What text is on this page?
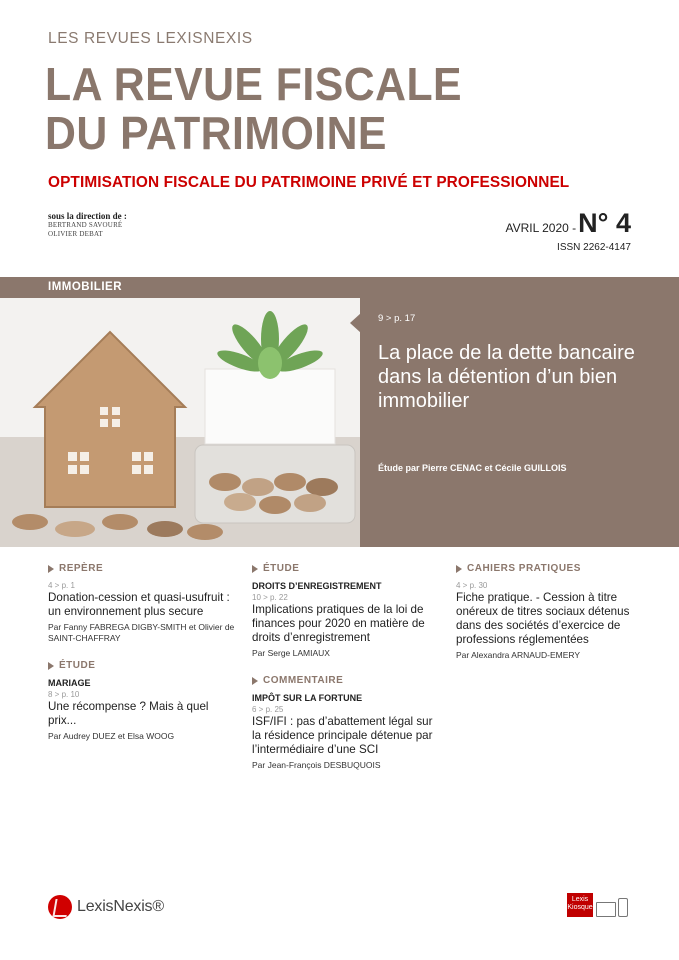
LES REVUES LEXISNEXIS
LA REVUE FISCALE
DU PATRIMOINE
OPTIMISATION FISCALE DU PATRIMOINE PRIVÉ ET PROFESSIONNEL
sous la direction de :
BERTRAND SAVOURÉ
OLIVIER DEBAT	AVRIL 2020 - N° 4
ISSN 2262-4147
IMMOBILIER
9 > p. 17
La place de la dette bancaire dans la détention d’un bien immobilier
Étude par Pierre CENAC et Cécile GUILLOIS
REPÈRE
4 > p. 1
Donation-cession et quasi-usufruit : un environnement plus secure
Par Fanny FABREGA DIGBY-SMITH et Olivier de SAINT-CHAFFRAY
ÉTUDE
MARIAGE
8 > p. 10
Une récompense ? Mais à quel prix...
Par Audrey DUEZ et Elsa WOOG
ÉTUDE
DROITS D’ENREGISTREMENT
10 > p. 22
Implications pratiques de la loi de finances pour 2020 en matière de droits d’enregistrement
Par Serge LAMIAUX
COMMENTAIRE
IMPÔT SUR LA FORTUNE
6 > p. 25
ISF/IFI : pas d’abattement légal sur la résidence principale détenue par l’intermédiaire d’une SCI
Par Jean-François DESBUQUOIS
CAHIERS PRATIQUES
4 > p. 30
Fiche pratique. - Cession à titre onéreux de titres sociaux détenus dans des sociétés d’exercice de professions réglementées
Par Alexandra ARNAUD-EMERY
LexisNexis®	Lexis
Kiosque
